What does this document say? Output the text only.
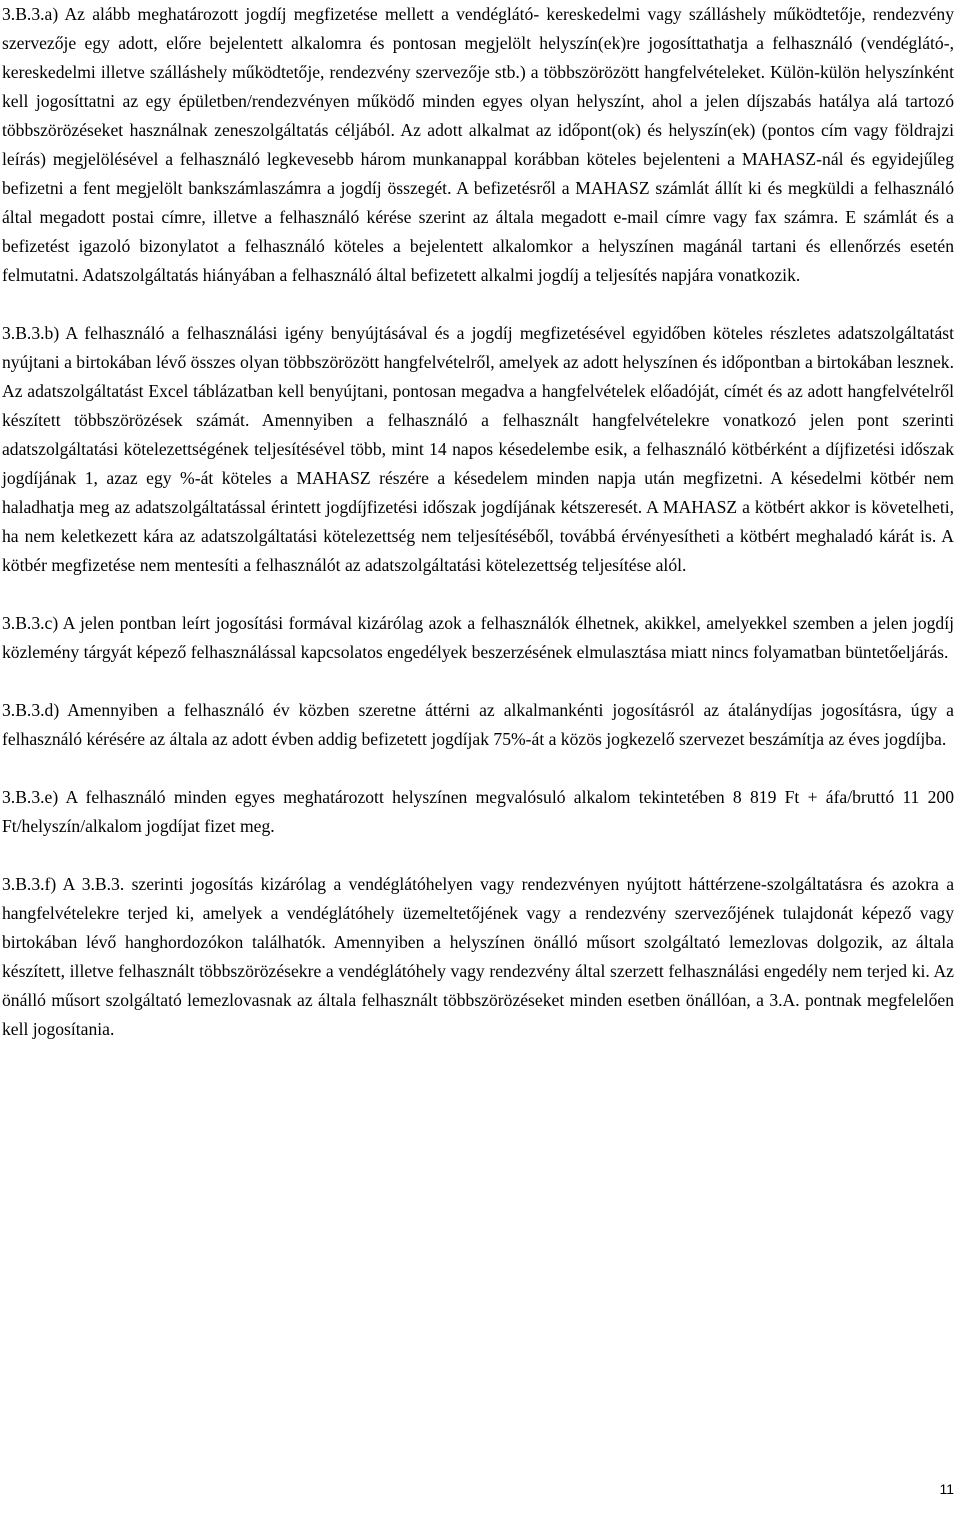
3.B.3.a) Az alább meghatározott jogdíj megfizetése mellett a vendéglátó- kereskedelmi vagy szálláshely működtetője, rendezvény szervezője egy adott, előre bejelentett alkalomra és pontosan megjelölt helyszín(ek)re jogosíttathatja a felhasználó (vendéglátó-, kereskedelmi illetve szálláshely működtetője, rendezvény szervezője stb.) a többszörözött hangfelvételeket. Külön-külön helyszínként kell jogosíttatni az egy épületben/rendezvényen működő minden egyes olyan helyszínt, ahol a jelen díjszabás hatálya alá tartozó többszörözéseket használnak zeneszolgáltatás céljából. Az adott alkalmat az időpont(ok) és helyszín(ek) (pontos cím vagy földrajzi leírás) megjelölésével a felhasználó legkevesebb három munkanappal korábban köteles bejelenteni a MAHASZ-nál és egyidejűleg befizetni a fent megjelölt bankszámlaszámra a jogdíj összegét. A befizetésről a MAHASZ számlát állít ki és megküldi a felhasználó által megadott postai címre, illetve a felhasználó kérése szerint az általa megadott e-mail címre vagy fax számra. E számlát és a befizetést igazoló bizonylatot a felhasználó köteles a bejelentett alkalomkor a helyszínen magánál tartani és ellenőrzés esetén felmutatni. Adatszolgáltatás hiányában a felhasználó által befizetett alkalmi jogdíj a teljesítés napjára vonatkozik.

3.B.3.b) A felhasználó a felhasználási igény benyújtásával és a jogdíj megfizetésével egyidőben köteles részletes adatszolgáltatást nyújtani a birtokában lévő összes olyan többszörözött hangfelvételről, amelyek az adott helyszínen és időpontban a birtokában lesznek. Az adatszolgáltatást Excel táblázatban kell benyújtani, pontosan megadva a hangfelvételek előadóját, címét és az adott hangfelvételről készített többszörözések számát. Amennyiben a felhasználó a felhasznált hangfelvételekre vonatkozó jelen pont szerinti adatszolgáltatási kötelezettségének teljesítésével több, mint 14 napos késedelembe esik, a felhasználó kötbérként a díjfizetési időszak jogdíjának 1, azaz egy %-át köteles a MAHASZ részére a késedelem minden napja után megfizetni. A késedelmi kötbér nem haladhatja meg az adatszolgáltatással érintett jogdíjfizetési időszak jogdíjának kétszeresét. A MAHASZ a kötbért akkor is követelheti, ha nem keletkezett kára az adatszolgáltatási kötelezettség nem teljesítéséből, továbbá érvényesítheti a kötbért meghaladó kárát is. A kötbér megfizetése nem mentesíti a felhasználót az adatszolgáltatási kötelezettség teljesítése alól.

3.B.3.c) A jelen pontban leírt jogosítási formával kizárólag azok a felhasználók élhetnek, akikkel, amelyekkel szemben a jelen jogdíj közlemény tárgyát képező felhasználással kapcsolatos engedélyek beszerzésének elmulasztása miatt nincs folyamatban büntetőeljárás.

3.B.3.d) Amennyiben a felhasználó év közben szeretne áttérni az alkalmankénti jogosításról az átalánydíjas jogosításra, úgy a felhasználó kérésére az általa az adott évben addig befizetett jogdíjak 75%-át a közös jogkezelő szervezet beszámítja az éves jogdíjba.

3.B.3.e) A felhasználó minden egyes meghatározott helyszínen megvalósuló alkalom tekintetében 8 819 Ft + áfa/bruttó 11 200 Ft/helyszín/alkalom jogdíjat fizet meg.

3.B.3.f) A 3.B.3. szerinti jogosítás kizárólag a vendéglátóhelyen vagy rendezvényen nyújtott háttérzene-szolgáltatásra és azokra a hangfelvételekre terjed ki, amelyek a vendéglátóhely üzemeltetőjének vagy a rendezvény szervezőjének tulajdonát képező vagy birtokában lévő hanghordozókon találhatók. Amennyiben a helyszínen önálló műsort szolgáltató lemezlovas dolgozik, az általa készített, illetve felhasznált többszörözésekre a vendéglátóhely vagy rendezvény által szerzett felhasználási engedély nem terjed ki. Az önálló műsort szolgáltató lemezlovasnak az általa felhasznált többszörözéseket minden esetben önállóan, a 3.A. pontnak megfelelően kell jogosítania.

11
